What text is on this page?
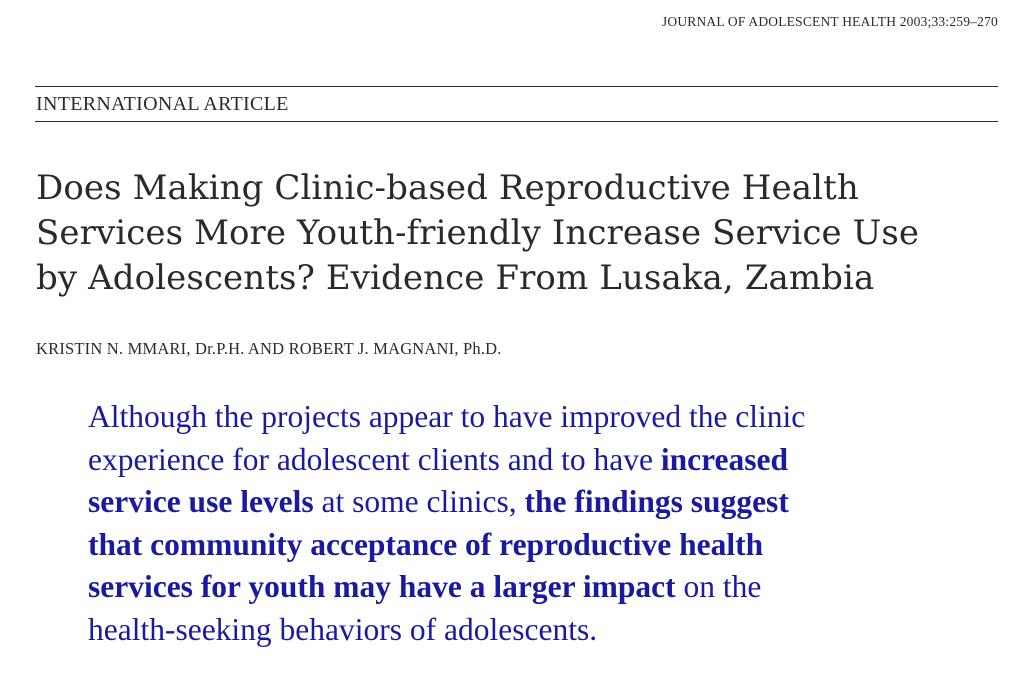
JOURNAL OF ADOLESCENT HEALTH 2003;33:259–270
INTERNATIONAL ARTICLE
Does Making Clinic-based Reproductive Health
Services More Youth-friendly Increase Service Use
by Adolescents? Evidence From Lusaka, Zambia
KRISTIN N. MMARI, Dr.P.H. AND ROBERT J. MAGNANI, Ph.D.
Although the projects appear to have improved the clinic
experience for adolescent clients and to have increased
service use levels at some clinics, the findings suggest
that community acceptance of reproductive health
services for youth may have a larger impact on the
health-seeking behaviors of adolescents.
